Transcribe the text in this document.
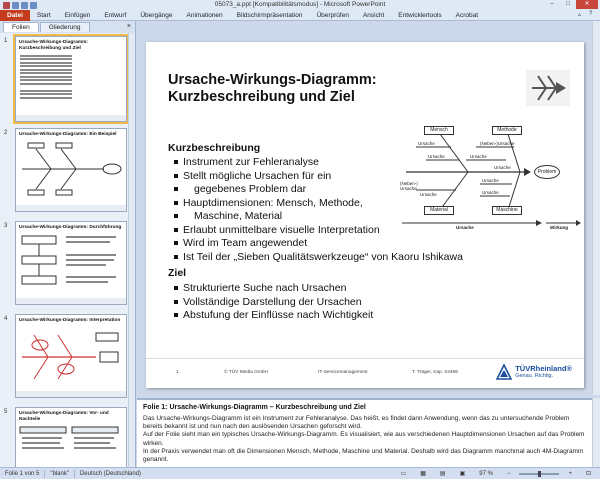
05073_a.ppt [Kompatibilitätsmodus] - Microsoft PowerPoint	–	□	✕
Datei	Start	Einfügen	Entwurf	Übergänge	Animationen	Bildschirmpräsentation	Überprüfen	Ansicht	Entwicklertools	Acrobat	▵	?
Folien	Gliederung	×
1	Ursache-Wirkungs-Diagramm: Kurzbeschreibung und Ziel
2	Ursache-Wirkungs-Diagramm: Ein Beispiel
3	Ursache-Wirkungs-Diagramm: Durchführung
4	Ursache-Wirkungs-Diagramm: Interpretation
5	Ursache-Wirkungs-Diagramm: Vor- und Nachteile
Ursache-Wirkungs-Diagramm:
Kurzbeschreibung und Ziel
Kurzbeschreibung
Instrument zur Fehleranalyse
Stellt mögliche Ursachen für ein
gegebenes Problem dar
Hauptdimensionen: Mensch, Methode,
Maschine, Material
Erlaubt unmittelbare visuelle Interpretation
Wird im Team angewendet
Ist Teil der „Sieben Qualitätswerkzeuge“ von Kaoru Ishikawa
Ziel
Strukturierte Suche nach Ursachen
Vollständige Darstellung der Ursachen
Abstufung der Einflüsse nach Wichtigkeit
Mensch	Methode
Material	Maschine
Problem
Ursache	(Neben-)Ursache
Ursache	Ursache
Ursache
Ursache
(Neben-) Ursache
Ursache	Ursache
Ursache	Wirkung
1	© TÜV Media GmbH	IT-Servicemanagement	T. Träger, Kap. 04486	TÜVRheinland®
Genau. Richtig.
Folie 1: Ursache-Wirkungs-Diagramm – Kurzbeschreibung und Ziel

Das Ursache-Wirkungs-Diagramm ist ein Instrument zur Fehleranalyse. Das heißt, es findet dann Anwendung, wenn das zu untersuchende Problem bereits bekannt ist und nun nach den auslösenden Ursachen geforscht wird.

Auf der Folie sieht man ein typisches Ursache-Wirkungs-Diagramm. Es visualisiert, wie aus verschiedenen Hauptdimensionen Ursachen auf das Problem wirken.

In der Praxis verwendet man oft die Dimensionen Mensch, Methode, Maschine und Material. Deshalb wird das Diagramm manchmal auch 4M-Diagramm genannt.

Folie 1 von 5	"blank"	Deutsch (Deutschland)	▭	▦	▤	▣	97 %	−	+	⊡
